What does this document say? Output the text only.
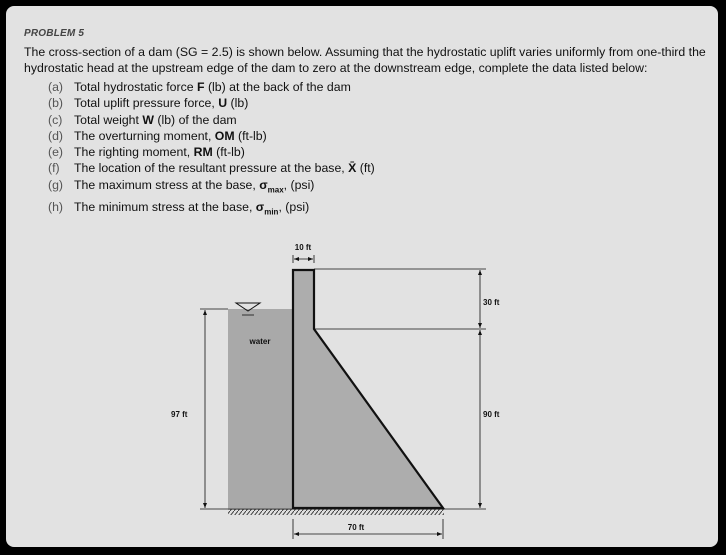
PROBLEM 5
The cross-section of a dam (SG = 2.5) is shown below. Assuming that the hydrostatic uplift varies uniformly from one-third the hydrostatic head at the upstream edge of the dam to zero at the downstream edge, complete the data listed below:
(a) Total hydrostatic force F (lb) at the back of the dam
(b) Total uplift pressure force, U (lb)
(c) Total weight W (lb) of the dam
(d) The overturning moment, OM (ft-lb)
(e) The righting moment, RM (ft-lb)
(f) The location of the resultant pressure at the base, X̄ (ft)
(g) The maximum stress at the base, $\sigma_{max}$, (psi)
(h) The minimum stress at the base, $\sigma_{min}$, (psi)
10 ft
30 ft
90 ft
97 ft
70 ft
water
